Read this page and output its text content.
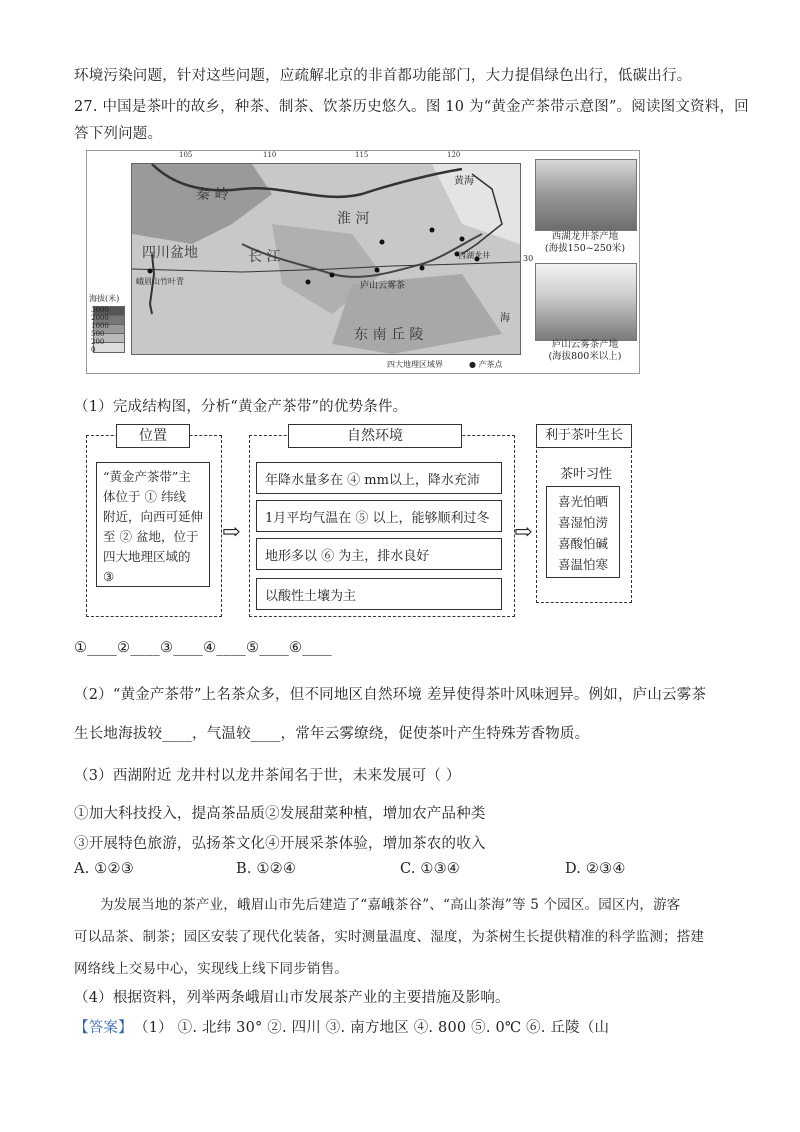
环境污染问题，针对这些问题，应疏解北京的非首都功能部门，大力提倡绿色出行，低碳出行。
27. 中国是茶叶的故乡，种茶、制茶、饮茶历史悠久。图 10 为“黄金产茶带示意图”。阅读图文资料，回
答下列问题。
105	110	115	120
秦 岭
淮 河
黄海
四川盆地	长 江
峨眉山竹叶青	庐山云雾茶
西湖龙井
东 南 丘 陵
海
30
海拔(米)
3000
2000
1000
500
200
0
四大地理区域界	● 产茶点
西湖龙井茶产地
(海拔150~250米)
庐山云雾茶产地
(海拔800米以上)
（1）完成结构图，分析“黄金产茶带”的优势条件。
位置
“黄金产茶带”主
体位于 ① 纬线
附近，向西可延伸
至 ② 盆地，位于
四大地理区域的
③
⇨
自然环境
年降水量多在 ④ mm以上，降水充沛
1月平均气温在 ⑤ 以上，能够顺利过冬
地形多以 ⑥ 为主，排水良好
以酸性土壤为主
⇨
利于茶叶生长
茶叶习性
喜光怕晒
喜湿怕涝
喜酸怕碱
喜温怕寒
①____②____③____④____⑤____⑥____
（2）“黄金产茶带”上名茶众多，但不同地区自然环境 差异使得茶叶风味迥异。例如，庐山云雾茶
生长地海拔较____，气温较____，常年云雾缭绕，促使茶叶产生特殊芳香物质。
（3）西湖附近 龙井村以龙井茶闻名于世，未来发展可（ ）
①加大科技投入，提高茶品质②发展甜菜种植，增加农产品种类
③开展特色旅游，弘扬茶文化④开展采茶体验，增加茶农的收入
A. ①②③	B. ①②④	C. ①③④	D. ②③④
为发展当地的茶产业，峨眉山市先后建造了“嘉峨茶谷”、“高山茶海”等 5 个园区。园区内，游客
可以品茶、制茶；园区安装了现代化装备，实时测量温度、湿度，为茶树生长提供精准的科学监测；搭建
网络线上交易中心，实现线上线下同步销售。
（4）根据资料，列举两条峨眉山市发展茶产业的主要措施及影响。
【答案】 （1） ①. 北纬 30° ②. 四川 ③. 南方地区 ④. 800 ⑤. 0℃ ⑥. 丘陵（山
